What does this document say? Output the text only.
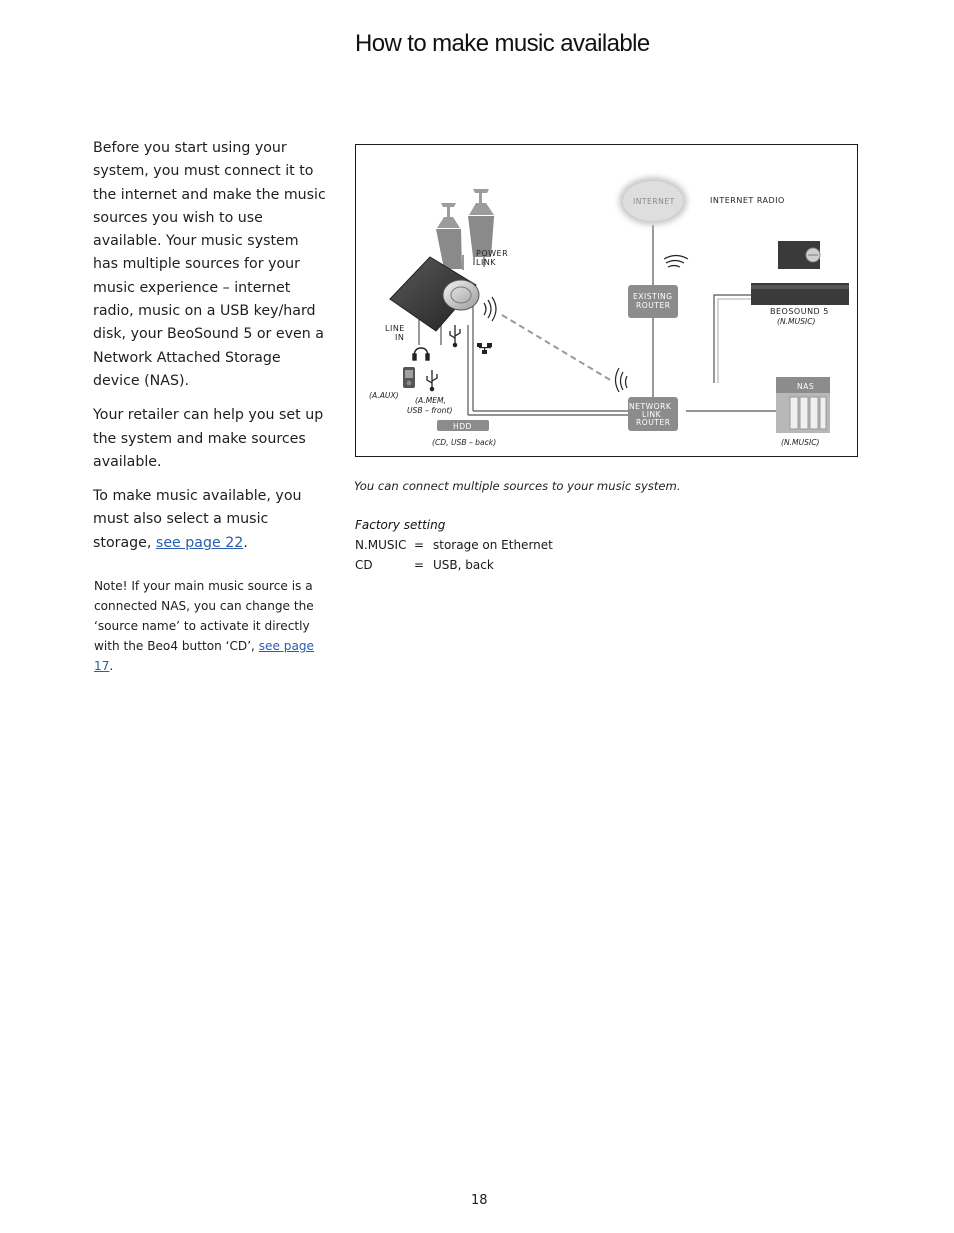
How to make music available

Before you start using your system, you must connect it to the internet and make the music sources you wish to use available. Your music system has multiple sources for your music experience – internet radio, music on a USB key/hard disk, your BeoSound 5 or even a Network Attached Storage device (NAS).

Your retailer can help you set up the system and make sources available.

To make music available, you must also select a music storage, see page 22.

Note! If your main music source is a connected NAS, you can change the ‘source name’ to activate it directly with the Beo4 button ‘CD’, see page 17.
INTERNET	INTERNET RADIO
EXISTING
ROUTER
POWER
LINK
BEOSOUND 5
(N.MUSIC)
LINE
IN
(A.AUX)
(A.MEM,
USB – front)
HDD
(CD, USB – back)
NETWORK
LINK
ROUTER
NAS
(N.MUSIC)
You can connect multiple sources to your music system.
Factory setting
N.MUSIC = storage on Ethernet
CD	= USB, back
18
